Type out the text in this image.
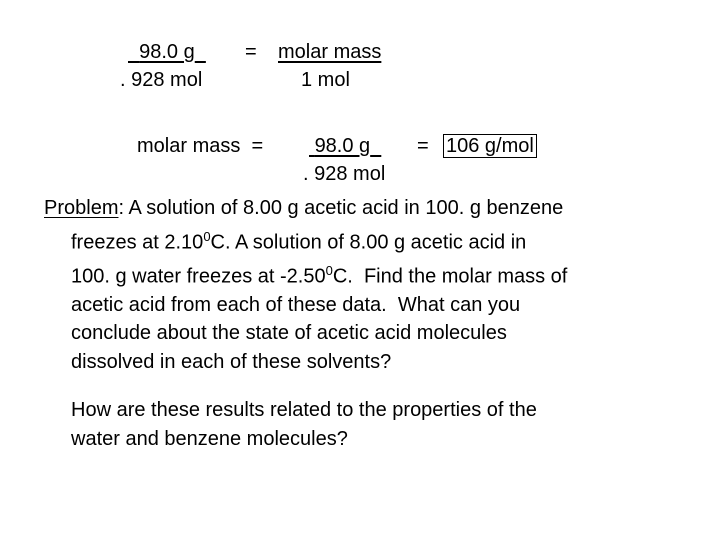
98.0 g
. 928 mol
= molar mass
1 mol
molar mass  =	98.0 g
. 928 mol
= 106 g/mol
Problem: A solution of 8.00 g acetic acid in 100. g benzene
freezes at 2.10$^0$C. A solution of 8.00 g acetic acid in
100. g water freezes at -2.50$^0$C.  Find the molar mass of
acetic acid from each of these data.  What can you
conclude about the state of acetic acid molecules
dissolved in each of these solvents?
How are these results related to the properties of the
water and benzene molecules?
